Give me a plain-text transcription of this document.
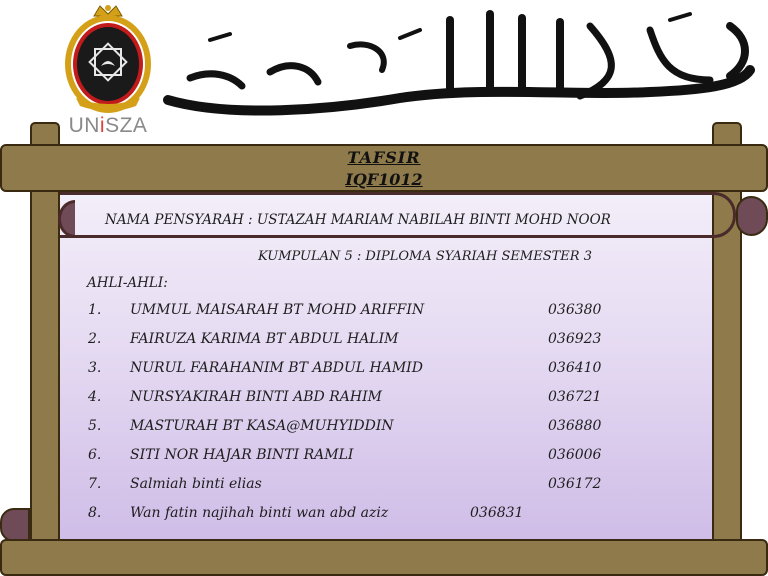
UNiSZA
TAFSIR
IQF1012
NAMA PENSYARAH : USTAZAH MARIAM NABILAH BINTI MOHD NOOR
KUMPULAN 5 : DIPLOMA SYARIAH SEMESTER 3
AHLI-AHLI:
1. UMMUL MAISARAH BT MOHD ARIFFIN	036380
2. FAIRUZA KARIMA BT ABDUL HALIM	036923
3. NURUL FARAHANIM BT ABDUL HAMID	036410
4. NURSYAKIRAH BINTI ABD RAHIM	036721
5. MASTURAH BT KASA@MUHYIDDIN	036880
6. SITI NOR HAJAR BINTI RAMLI	036006
7. Salmiah binti elias	036172
8. Wan fatin najihah binti wan abd aziz	036831
